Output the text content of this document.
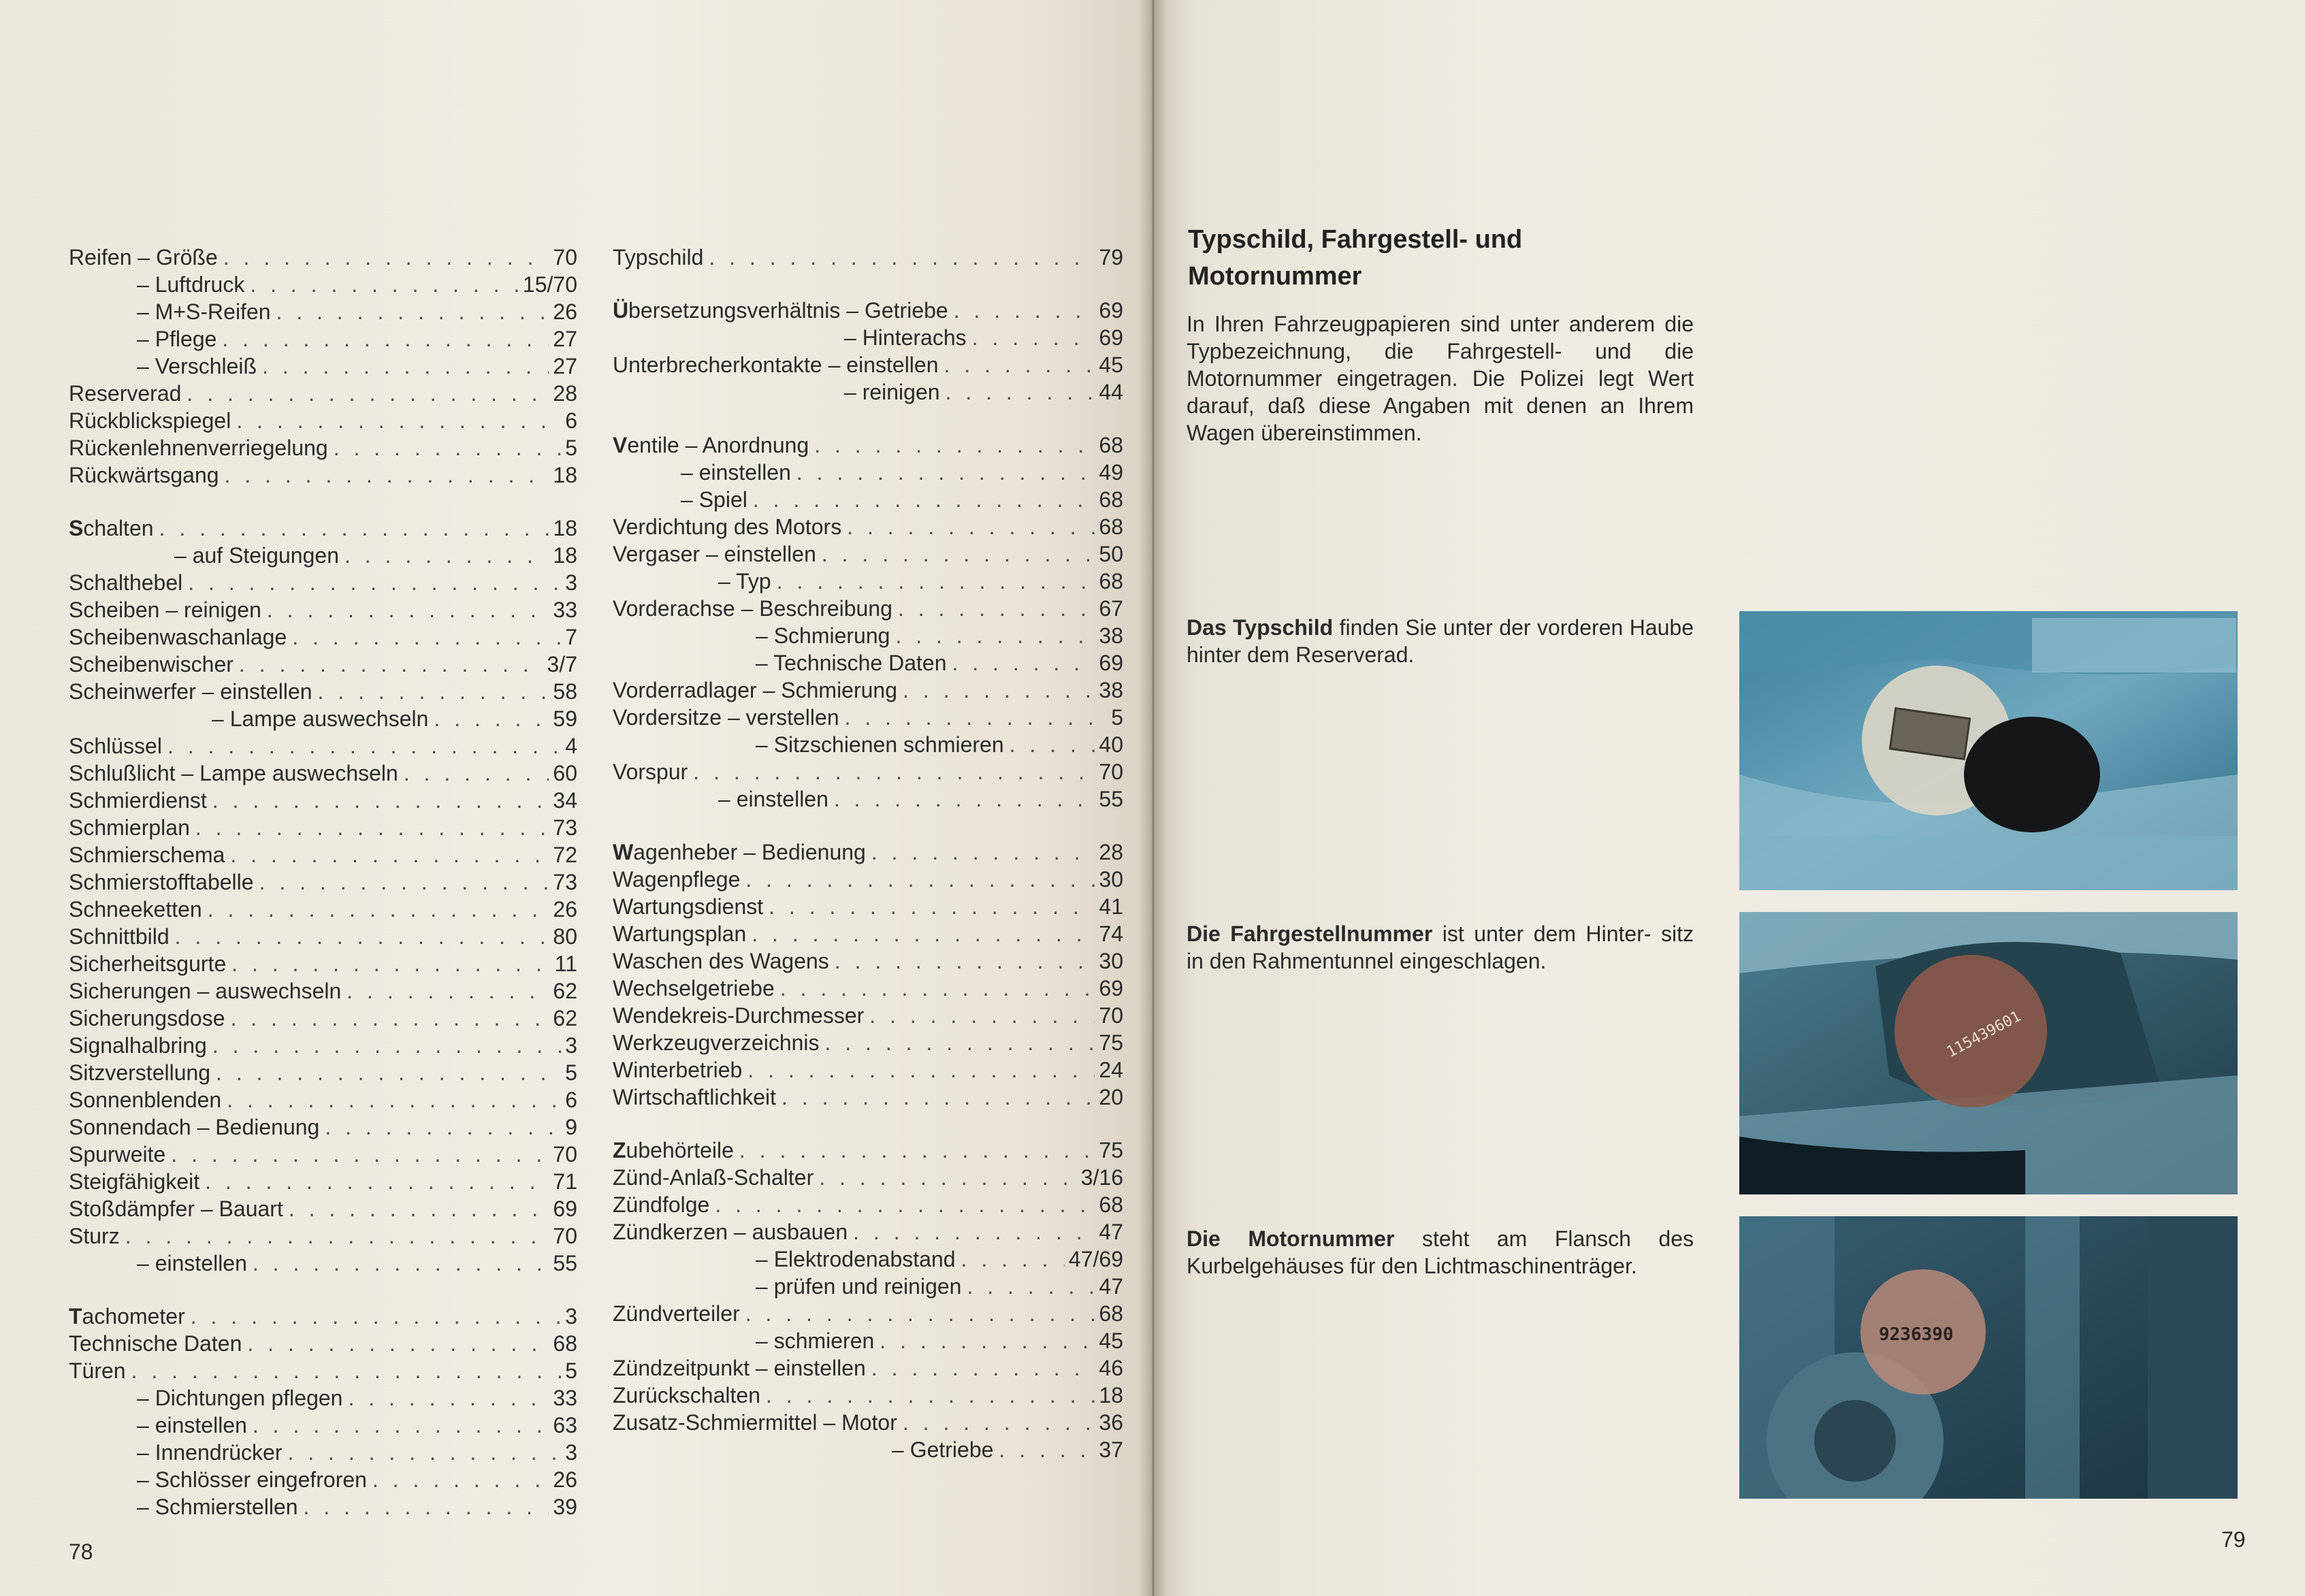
Reifen – Größe . . .	70
– Luftdruck . . .	15/70
– M+S-Reifen . . .	26
– Pflege . . .	27
– Verschleiß . . .	27
Reserverad . . .	28
Rückblickspiegel . . .	6
Rückenlehnenverriegelung . . .	5
Rückwärtsgang . . .	18
Schalten . . .	18
– auf Steigungen . . .	18
Schalthebel . . .	3
Scheiben – reinigen . . .	33
Scheibenwaschanlage . . .	7
Scheibenwischer . . .	3/7
Scheinwerfer – einstellen . . .	58
– Lampe auswechseln . . .	59
Schlüssel . . .	4
Schlußlicht – Lampe auswechseln . . .	60
Schmierdienst . . .	34
Schmierplan . . .	73
Schmierschema . . .	72
Schmierstofftabelle . . .	73
Schneeketten . . .	26
Schnittbild . . .	80
Sicherheitsgurte . . .	11
Sicherungen – auswechseln . . .	62
Sicherungsdose . . .	62
Signalhalbring . . .	3
Sitzverstellung . . .	5
Sonnenblenden . . .	6
Sonnendach – Bedienung . . .	9
Spurweite . . .	70
Steigfähigkeit . . .	71
Stoßdämpfer – Bauart . . .	69
Sturz . . .	70
– einstellen . . .	55
Tachometer . . .	3
Technische Daten . . .	68
Türen . . .	5
– Dichtungen pflegen . . .	33
– einstellen . . .	63
– Innendrücker . . .	3
– Schlösser eingefroren . . .	26
– Schmierstellen . . .	39
Typschild . . .	79
Übersetzungsverhältnis – Getriebe . . .	69
– Hinterachs . . .	69
Unterbrecherkontakte – einstellen . . .	45
– reinigen . . .	44
Ventile – Anordnung . . .	68
– einstellen . . .	49
– Spiel . . .	68
Verdichtung des Motors . . .	68
Vergaser – einstellen . . .	50
– Typ . . .	68
Vorderachse – Beschreibung . . .	67
– Schmierung . . .	38
– Technische Daten . . .	69
Vorderradlager – Schmierung . . .	38
Vordersitze – verstellen . . .	5
– Sitzschienen schmieren . . .	40
Vorspur . . .	70
– einstellen . . .	55
Wagenheber – Bedienung . . .	28
Wagenpflege . . .	30
Wartungsdienst . . .	41
Wartungsplan . . .	74
Waschen des Wagens . . .	30
Wechselgetriebe . . .	69
Wendekreis-Durchmesser . . .	70
Werkzeugverzeichnis . . .	75
Winterbetrieb . . .	24
Wirtschaftlichkeit . . .	20
Zubehörteile . . .	75
Zünd-Anlaß-Schalter . . .	3/16
Zündfolge . . .	68
Zündkerzen – ausbauen . . .	47
– Elektrodenabstand . . .	47/69
– prüfen und reinigen . . .	47
Zündverteiler . . .	68
– schmieren . . .	45
Zündzeitpunkt – einstellen . . .	46
Zurückschalten . . .	18
Zusatz-Schmiermittel – Motor . . .	36
– Getriebe . . .	37
78	79
Typschild, Fahrgestell- und
Motornummer
In Ihren Fahrzeugpapieren sind unter anderem die Typbezeichnung, die Fahrgestell- und die Motornummer eingetragen. Die Polizei legt Wert darauf, daß diese Angaben mit denen an Ihrem Wagen übereinstimmen.
Das Typschild finden Sie unter der vorderen Haube hinter dem Reserverad.
Die Fahrgestellnummer ist unter dem Hinter- sitz in den Rahmentunnel eingeschlagen.
Die Motornummer steht am Flansch des Kurbelgehäuses für den Lichtmaschinenträger.
115439601
9236390
